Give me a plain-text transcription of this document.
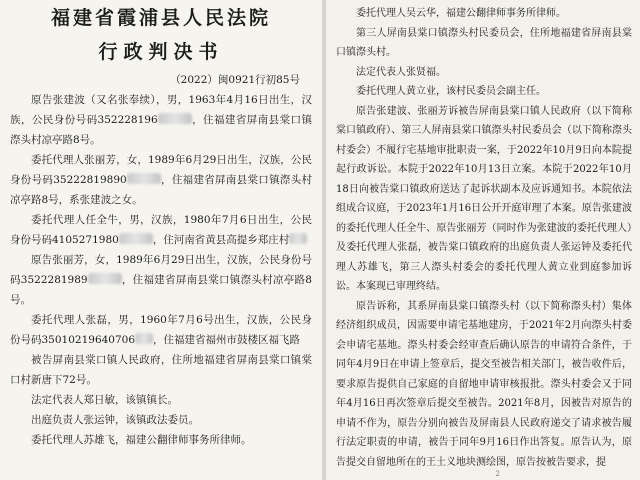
福建省霞浦县人民法院
行政判决书
（2022）闽0921行初85号

原告张建波（又名张奉续），男，1963年4月16日出生，汉族，公民身份号码352228196	，住福建省屏南县棠口镇漈头村凉亭路8号。

委托代理人张丽芳，女，1989年6月29日出生，汉族，公民身份号码35222819890	，住福建省屏南县棠口镇漈头村凉亭路8号，系张建波之女。

委托代理人任全牛，男，汉族，1980年7月6日出生，公民身份号码4105271980	，住河南省黄县高提乡郑庄村

原告张丽芳，女，1989年6月29日出生，汉族，公民身份号码3522281989	，住福建省屏南县棠口镇漈头村凉亭路8号。

委托代理人张磊，男，1960年7月6号出生，汉族，公民身份号码35010219640706 ，住福建省福州市鼓楼区福飞路

被告屏南县棠口镇人民政府，住所地福建省屏南县棠口镇棠口村新唐下72号。

法定代表人郑日敏，该镇镇长。

出庭负责人张运钟，该镇政法委员。

委托代理人苏雄飞，福建公翻律师事务所律师。

委托代理人吴云华，福建公翻律师事务所律师。

第三人屏南县棠口镇漈头村民委员会，住所地福建省屏南县棠口镇漈头村。

法定代表人张贤福。

委托代理人黄立业，该村民委员会副主任。

原告张建波、张丽芳诉被告屏南县棠口镇人民政府（以下简称棠口镇政府）、第三人屏南县棠口镇漈头村民委员会（以下简称漈头村委会）不履行宅基地审批职责一案，于2022年10月9日向本院提起行政诉讼。本院于2022年10月13日立案。本院于2022年10月18日向被告棠口镇政府送达了起诉状副本及应诉通知书。本院依法组成合议庭，于2023年1月16日公开开庭审理了本案。原告张建波的委托代理人任全牛、原告张丽芳（同时作为张建波的委托代理人）及委托代理人张磊，被告棠口镇政府的出庭负责人张运钟及委托代理人苏雄飞，第三人漈头村委会的委托代理人黄立业到庭参加诉讼。本案现已审理终结。

原告诉称，其系屏南县棠口镇漈头村（以下简称漈头村）集体经济组织成员，因需要申请宅基地建房，于2021年2月向漈头村委会申请宅基地。漈头村委会经审查后确认原告的申请符合条件，于同年4月9日在申请上签章后，提交至被告相关部门，被告收件后，要求原告提供自己家庭的自留地申请审核报批。漈头村委会又于同年4月16日再次签章后提交至被告。2021年8月，因被告对原告的申请不作为，原告分别向被告及屏南县人民政府递交了请求被告履行法定职责的申请，被告于同年9月16日作出答复。原告认为，原告提交自留地所在的王土义地块测绘图，原告按被告要求，提

2
